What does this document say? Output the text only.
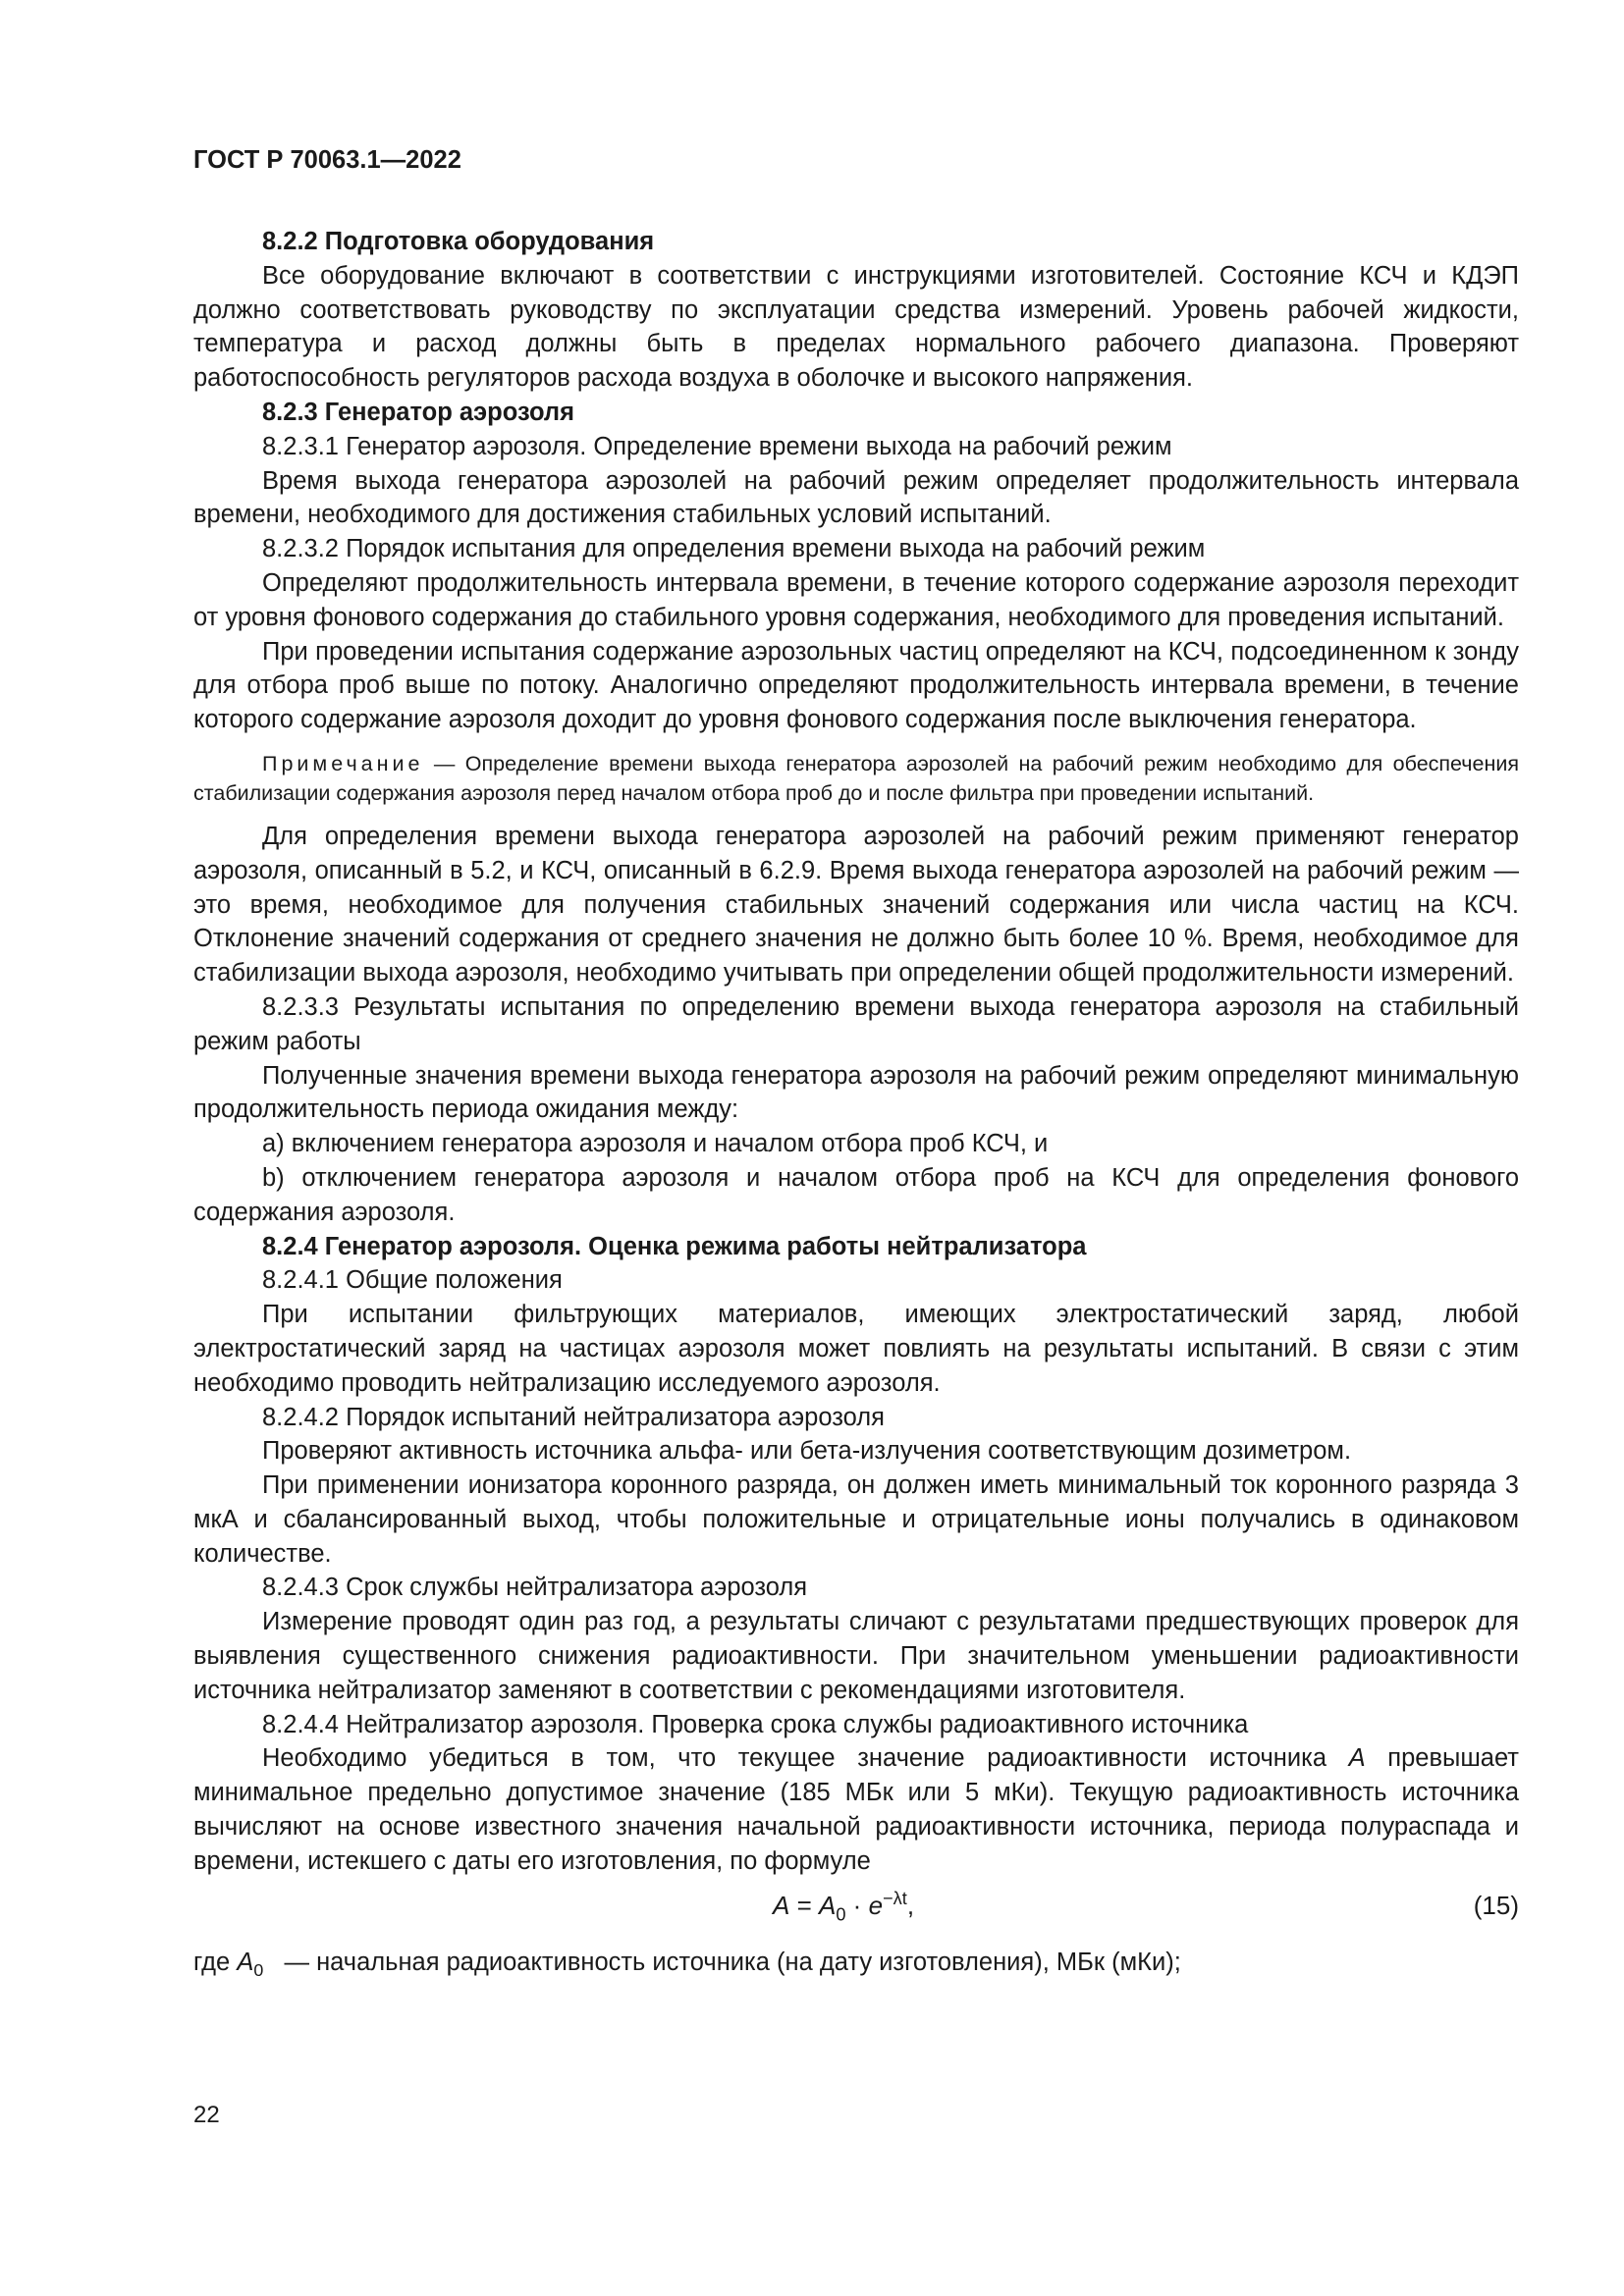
ГОСТ Р 70063.1—2022

8.2.2 Подготовка оборудования

Все оборудование включают в соответствии с инструкциями изготовителей. Состояние КСЧ и КДЭП должно соответствовать руководству по эксплуатации средства измерений. Уровень рабочей жидкости, температура и расход должны быть в пределах нормального рабочего диапазона. Проверяют работоспособность регуляторов расхода воздуха в оболочке и высокого напряжения.

8.2.3 Генератор аэрозоля

8.2.3.1 Генератор аэрозоля. Определение времени выхода на рабочий режим

Время выхода генератора аэрозолей на рабочий режим определяет продолжительность интервала времени, необходимого для достижения стабильных условий испытаний.

8.2.3.2 Порядок испытания для определения времени выхода на рабочий режим

Определяют продолжительность интервала времени, в течение которого содержание аэрозоля переходит от уровня фонового содержания до стабильного уровня содержания, необходимого для проведения испытаний.

При проведении испытания содержание аэрозольных частиц определяют на КСЧ, подсоединенном к зонду для отбора проб выше по потоку. Аналогично определяют продолжительность интервала времени, в течение которого содержание аэрозоля доходит до уровня фонового содержания после выключения генератора.

Примечание — Определение времени выхода генератора аэрозолей на рабочий режим необходимо для обеспечения стабилизации содержания аэрозоля перед началом отбора проб до и после фильтра при проведении испытаний.

Для определения времени выхода генератора аэрозолей на рабочий режим применяют генератор аэрозоля, описанный в 5.2, и КСЧ, описанный в 6.2.9. Время выхода генератора аэрозолей на рабочий режим — это время, необходимое для получения стабильных значений содержания или числа частиц на КСЧ. Отклонение значений содержания от среднего значения не должно быть более 10 %. Время, необходимое для стабилизации выхода аэрозоля, необходимо учитывать при определении общей продолжительности измерений.

8.2.3.3 Результаты испытания по определению времени выхода генератора аэрозоля на стабильный режим работы

Полученные значения времени выхода генератора аэрозоля на рабочий режим определяют минимальную продолжительность периода ожидания между:

a) включением генератора аэрозоля и началом отбора проб КСЧ, и

b) отключением генератора аэрозоля и началом отбора проб на КСЧ для определения фонового содержания аэрозоля.

8.2.4 Генератор аэрозоля. Оценка режима работы нейтрализатора

8.2.4.1 Общие положения

При испытании фильтрующих материалов, имеющих электростатический заряд, любой электростатический заряд на частицах аэрозоля может повлиять на результаты испытаний. В связи с этим необходимо проводить нейтрализацию исследуемого аэрозоля.

8.2.4.2 Порядок испытаний нейтрализатора аэрозоля

Проверяют активность источника альфа- или бета-излучения соответствующим дозиметром.

При применении ионизатора коронного разряда, он должен иметь минимальный ток коронного разряда 3 мкА и сбалансированный выход, чтобы положительные и отрицательные ионы получались в одинаковом количестве.

8.2.4.3 Срок службы нейтрализатора аэрозоля

Измерение проводят один раз год, а результаты сличают с результатами предшествующих проверок для выявления существенного снижения радиоактивности. При значительном уменьшении радиоактивности источника нейтрализатор заменяют в соответствии с рекомендациями изготовителя.

8.2.4.4 Нейтрализатор аэрозоля. Проверка срока службы радиоактивного источника

Необходимо убедиться в том, что текущее значение радиоактивности источника A превышает минимальное предельно допустимое значение (185 МБк или 5 мКи). Текущую радиоактивность источника вычисляют на основе известного значения начальной радиоактивности источника, периода полураспада и времени, истекшего с даты его изготовления, по формуле

$A = A_0 \cdot e^{-\lambda t}$,	(15)

где $A_0$   — начальная радиоактивность источника (на дату изготовления), МБк (мКи);

22
